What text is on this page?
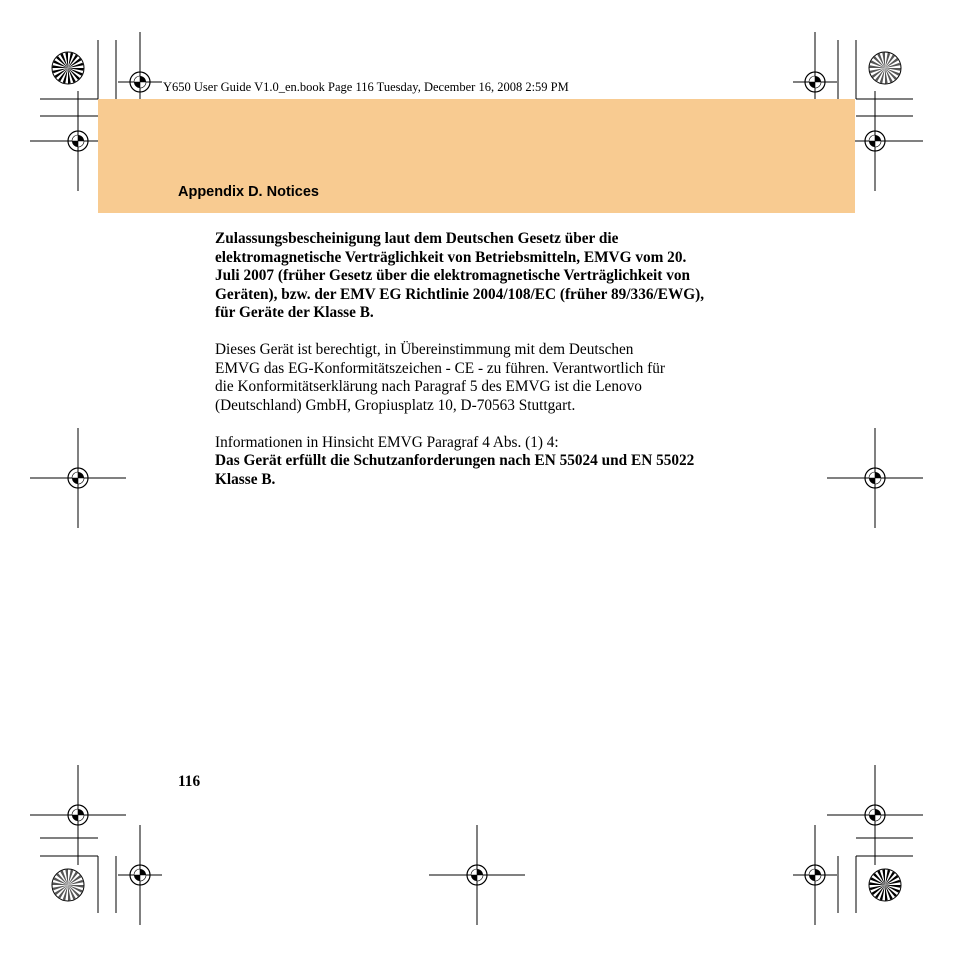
Y650 User Guide V1.0_en.book Page 116 Tuesday, December 16, 2008 2:59 PM
Appendix D. Notices

Zulassungsbescheinigung laut dem Deutschen Gesetz über die

elektromagnetische Verträglichkeit von Betriebsmitteln, EMVG vom 20.

Juli 2007 (früher Gesetz über die elektromagnetische Verträglichkeit von

Geräten), bzw. der EMV EG Richtlinie 2004/108/EC (früher 89/336/EWG),

für Geräte der Klasse B.

Dieses Gerät ist berechtigt, in Übereinstimmung mit dem Deutschen

EMVG das EG-Konformitätszeichen - CE - zu führen. Verantwortlich für

die Konformitätserklärung nach Paragraf 5 des EMVG ist die Lenovo

(Deutschland) GmbH, Gropiusplatz 10, D-70563 Stuttgart.

Informationen in Hinsicht EMVG Paragraf 4 Abs. (1) 4:

Das Gerät erfüllt die Schutzanforderungen nach EN 55024 und EN 55022

Klasse B.

116
